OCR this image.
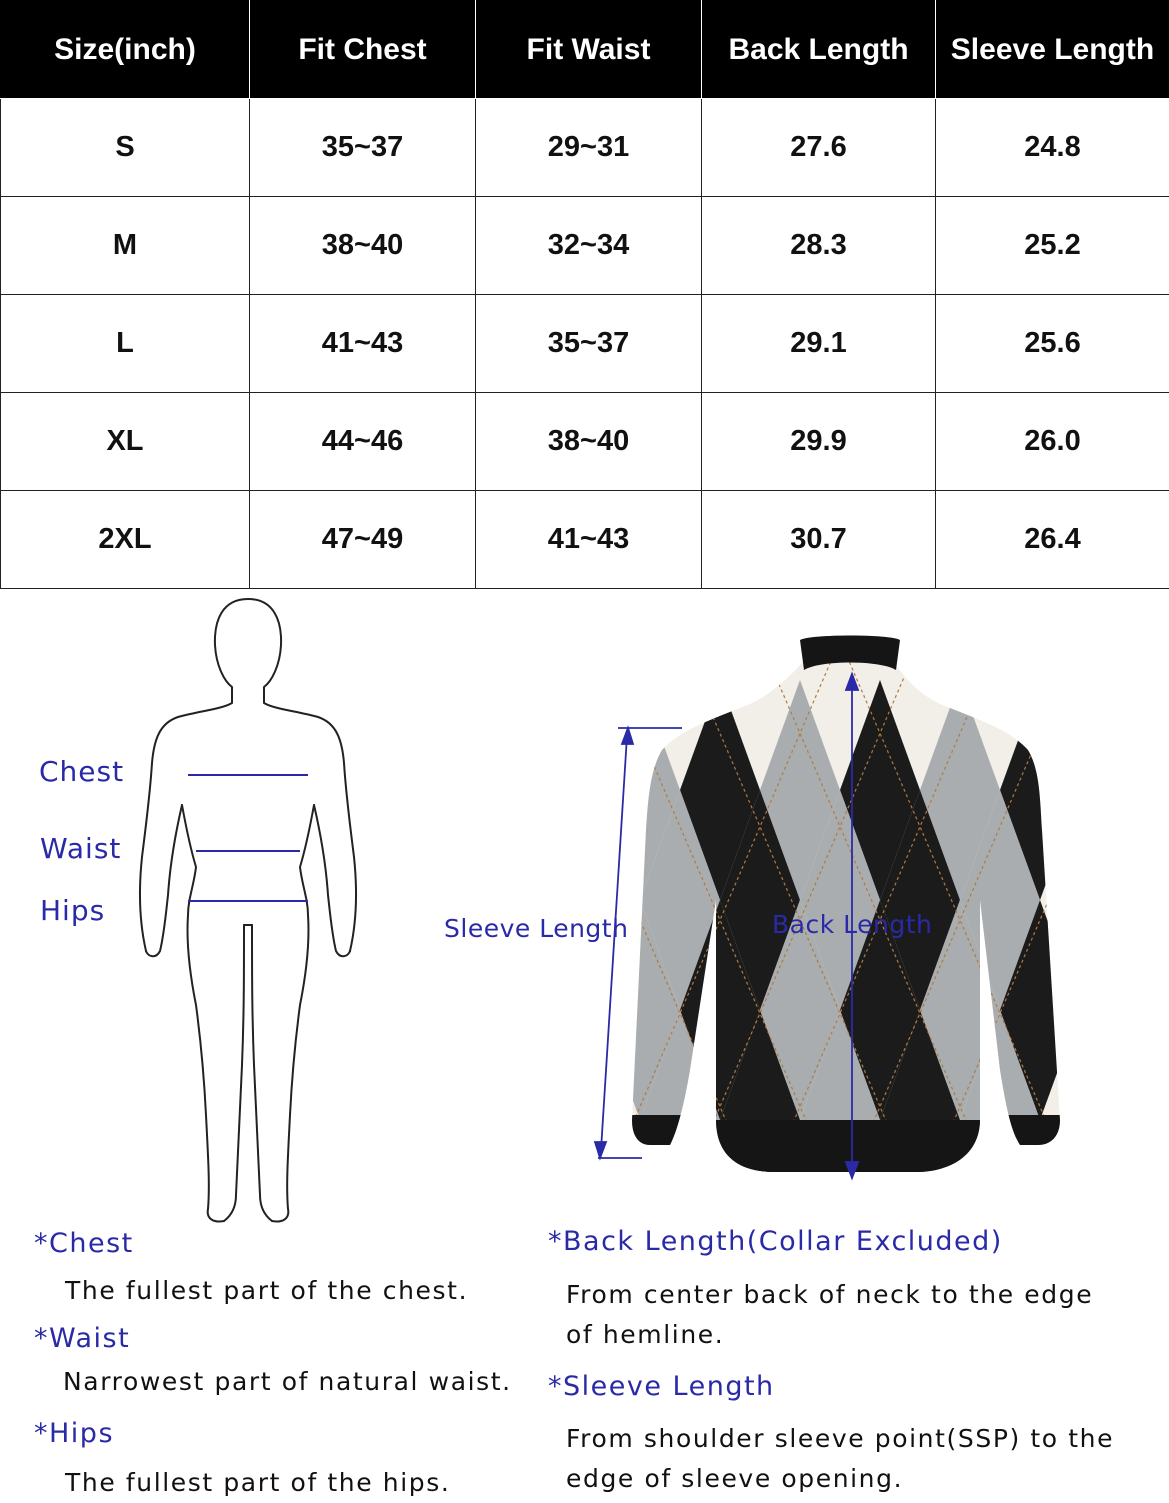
Size(inch)	Fit Chest	Fit Waist	Back Length	Sleeve Length
S	35~37	29~31	27.6	24.8
M	38~40	32~34	28.3	25.2
L	41~43	35~37	29.1	25.6
XL	44~46	38~40	29.9	26.0
2XL	47~49	41~43	30.7	26.4
Chest
Waist
Hips
Sleeve Length	Back Length
*Chest
The fullest part of the chest.
*Waist
Narrowest part of natural waist.
*Hips
The fullest part of the hips.
*Back Length(Collar Excluded)
From center back of neck to the edge
of hemline.
*Sleeve Length
From shoulder sleeve point(SSP) to the
edge of sleeve opening.
